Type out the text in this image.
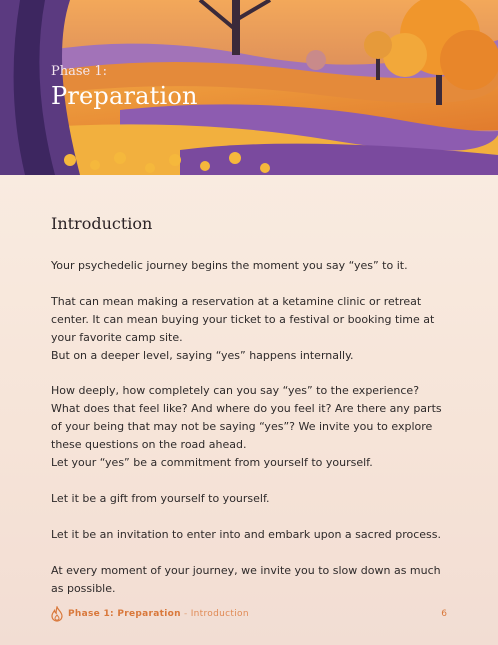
Phase 1:
Preparation
Introduction

Your psychedelic journey begins the moment you say “yes” to it.

That can mean making a reservation at a ketamine clinic or retreat center. It can mean buying your ticket to a festival or booking time at your favorite camp site.

But on a deeper level, saying “yes” happens internally.

How deeply, how completely can you say “yes” to the experience? What does that feel like? And where do you feel it? Are there any parts of your being that may not be saying “yes”? We invite you to explore these questions on the road ahead.

Let your “yes” be a commitment from yourself to yourself.

Let it be a gift from yourself to yourself.

Let it be an invitation to enter into and embark upon a sacred process.

At every moment of your journey, we invite you to slow down as much as possible.

Phase 1: Preparation - Introduction	6
